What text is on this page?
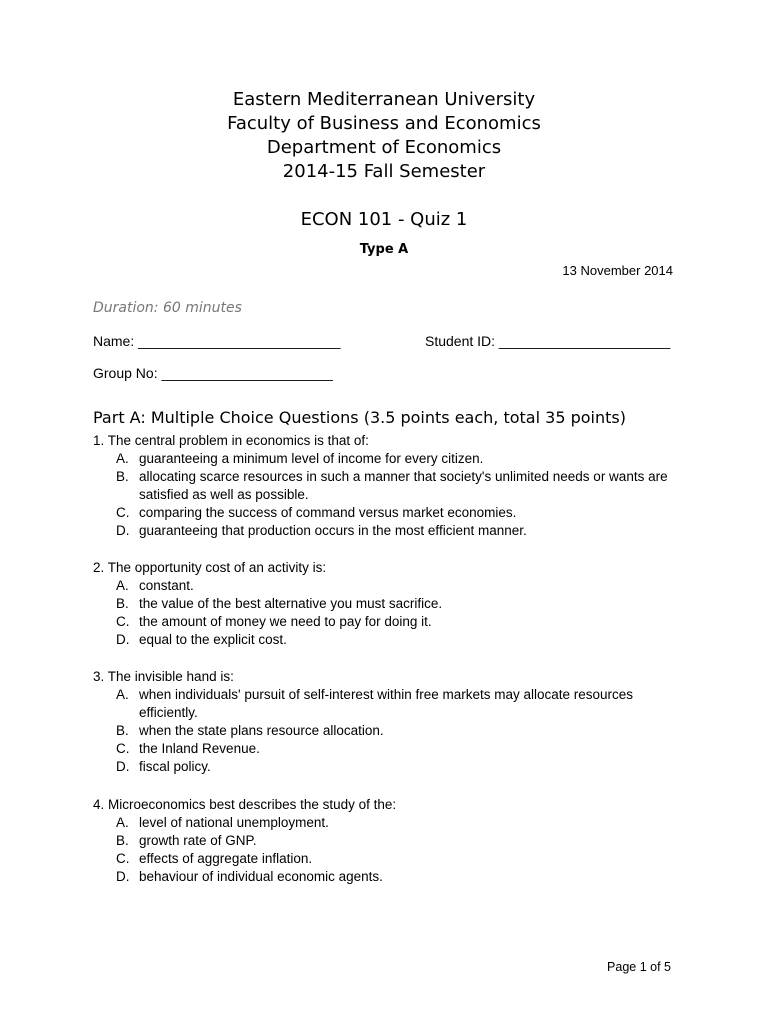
Eastern Mediterranean University
Faculty of Business and Economics
Department of Economics
2014-15 Fall Semester
ECON 101 - Quiz 1
Type A
13 November 2014
Duration: 60 minutes
Name: __________________________	Student ID: ______________________
Group No: ______________________
Part A: Multiple Choice Questions (3.5 points each, total 35 points)

1. The central problem in economics is that of:

A. guaranteeing a minimum level of income for every citizen.

B. allocating scarce resources in such a manner that society's unlimited needs or wants are satisfied as well as possible.

C. comparing the success of command versus market economies.

D. guaranteeing that production occurs in the most efficient manner.

2. The opportunity cost of an activity is:

A. constant.

B. the value of the best alternative you must sacrifice.

C. the amount of money we need to pay for doing it.

D. equal to the explicit cost.

3. The invisible hand is:

A. when individuals' pursuit of self-interest within free markets may allocate resources efficiently.

B. when the state plans resource allocation.

C. the Inland Revenue.

D. fiscal policy.

4. Microeconomics best describes the study of the:

A. level of national unemployment.

B. growth rate of GNP.

C. effects of aggregate inflation.

D. behaviour of individual economic agents.

Page 1 of 5
